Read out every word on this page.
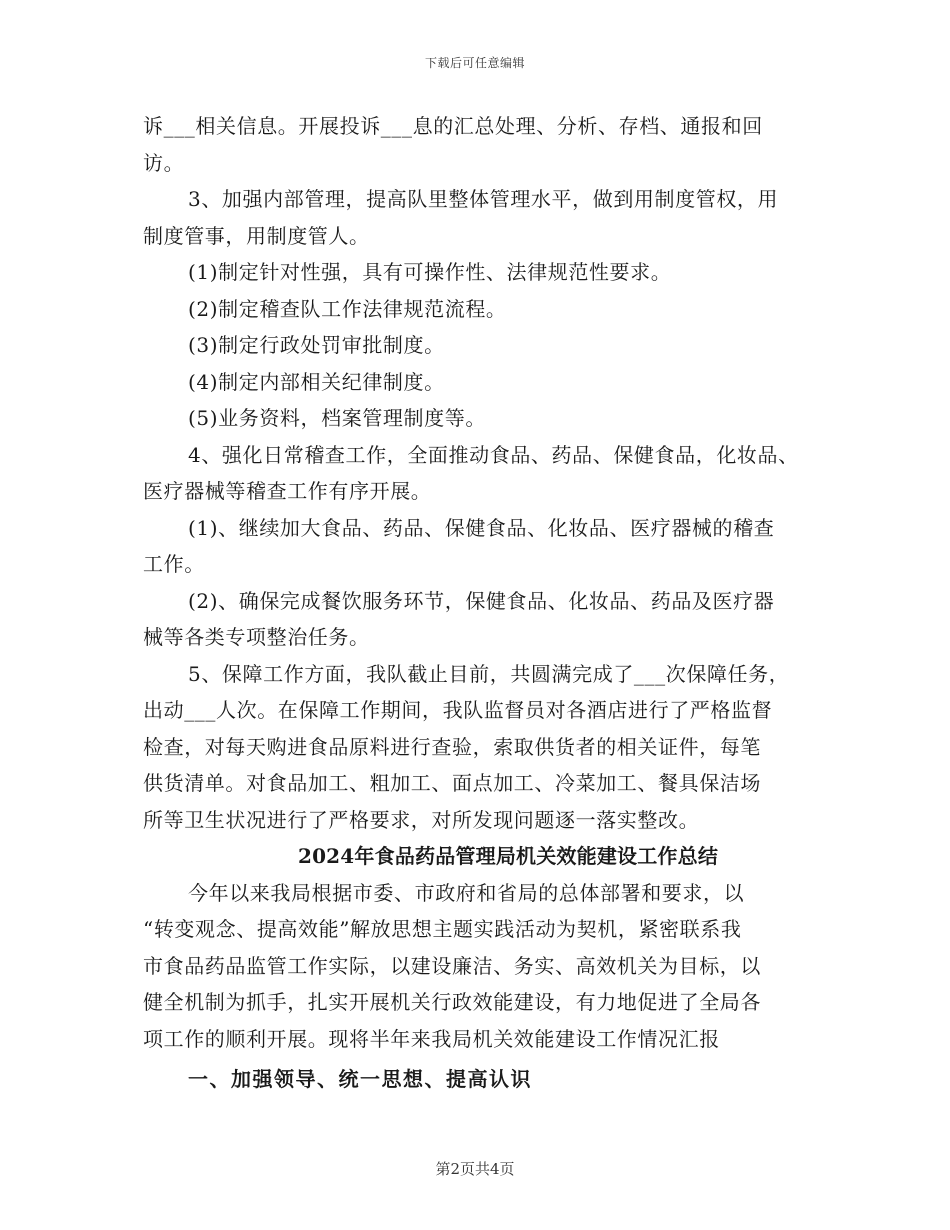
下载后可任意编辑
诉___相关信息。开展投诉___息的汇总处理、分析、存档、通报和回
访。
3、加强内部管理，提高队里整体管理水平，做到用制度管权，用
制度管事，用制度管人。
(1)制定针对性强，具有可操作性、法律规范性要求。
(2)制定稽查队工作法律规范流程。
(3)制定行政处罚审批制度。
(4)制定内部相关纪律制度。
(5)业务资料，档案管理制度等。
4、强化日常稽查工作，全面推动食品、药品、保健食品，化妆品、
医疗器械等稽查工作有序开展。
(1)、继续加大食品、药品、保健食品、化妆品、医疗器械的稽查
工作。
(2)、确保完成餐饮服务环节，保健食品、化妆品、药品及医疗器
械等各类专项整治任务。
5、保障工作方面，我队截止目前，共圆满完成了___次保障任务，
出动___人次。在保障工作期间，我队监督员对各酒店进行了严格监督
检查，对每天购进食品原料进行查验，索取供货者的相关证件，每笔
供货清单。对食品加工、粗加工、面点加工、冷菜加工、餐具保洁场
所等卫生状况进行了严格要求，对所发现问题逐一落实整改。
2024年食品药品管理局机关效能建设工作总结
今年以来我局根据市委、市政府和省局的总体部署和要求，以
“转变观念、提高效能”解放思想主题实践活动为契机，紧密联系我
市食品药品监管工作实际，以建设廉洁、务实、高效机关为目标，以
健全机制为抓手，扎实开展机关行政效能建设，有力地促进了全局各
项工作的顺利开展。现将半年来我局机关效能建设工作情况汇报
一、加强领导、统一思想、提高认识
第2页共4页
